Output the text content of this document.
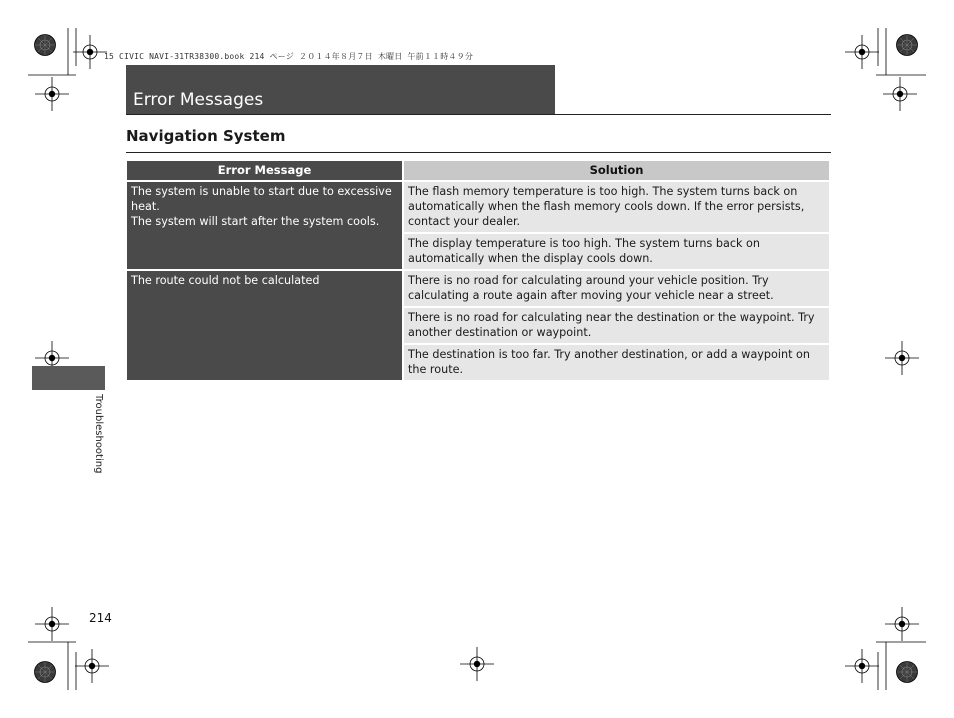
15 CIVIC NAVI-31TR38300.book 214 ページ ２０１４年８月７日 木曜日 午前１１時４９分
Error Messages
Navigation System
Error Message	Solution

The system is unable to start due to excessive heat.
The system will start after the system cools.	The flash memory temperature is too high. The system turns back on automatically when the flash memory cools down. If the error persists, contact your dealer.
	The display temperature is too high. The system turns back on automatically when the display cools down.

The route could not be calculated	There is no road for calculating around your vehicle position. Try calculating a route again after moving your vehicle near a street.
	There is no road for calculating near the destination or the waypoint. Try another destination or waypoint.
	The destination is too far. Try another destination, or add a waypoint on the route.
Troubleshooting
214
